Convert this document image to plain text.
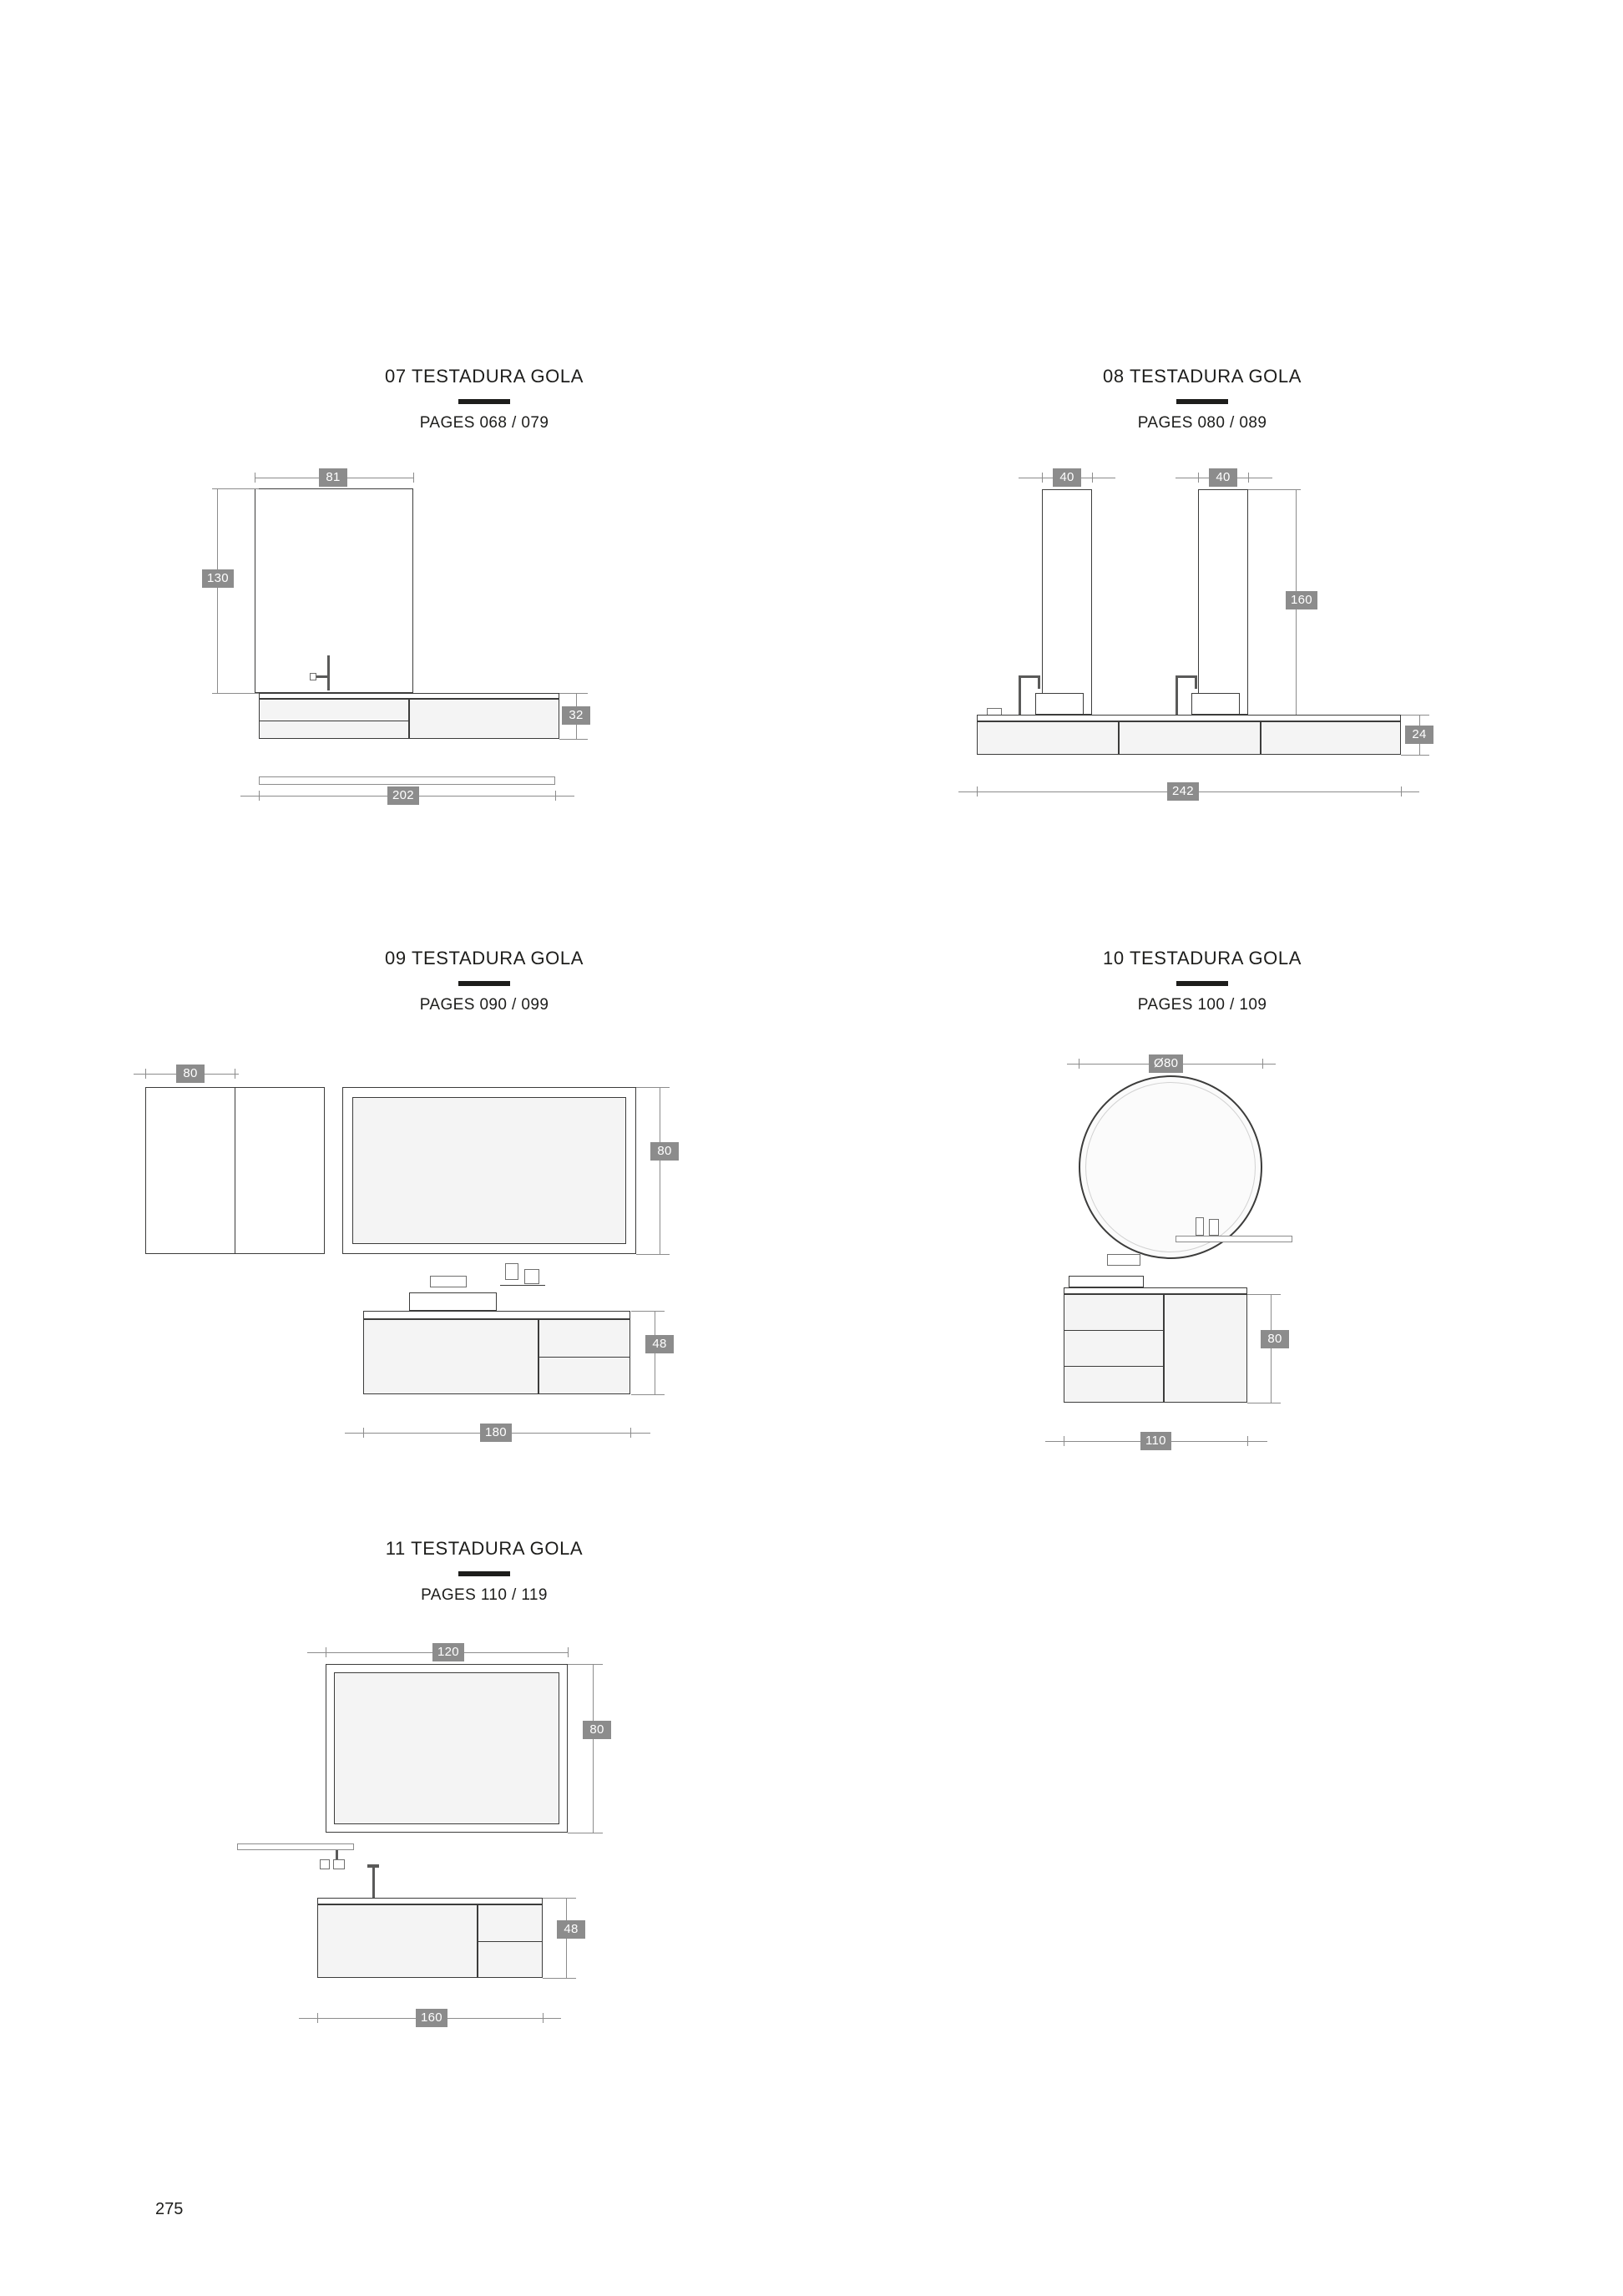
07 TESTADURA GOLA
PAGES 068 / 079
130
81
32
202
08 TESTADURA GOLA
PAGES 080 / 089
40	40
160
24
242
09 TESTADURA GOLA
PAGES 090 / 099
80
80
48
180
10 TESTADURA GOLA
PAGES 100 / 109
Ø80
80
110
11 TESTADURA GOLA
PAGES 110 / 119
120
80
48
160
275
